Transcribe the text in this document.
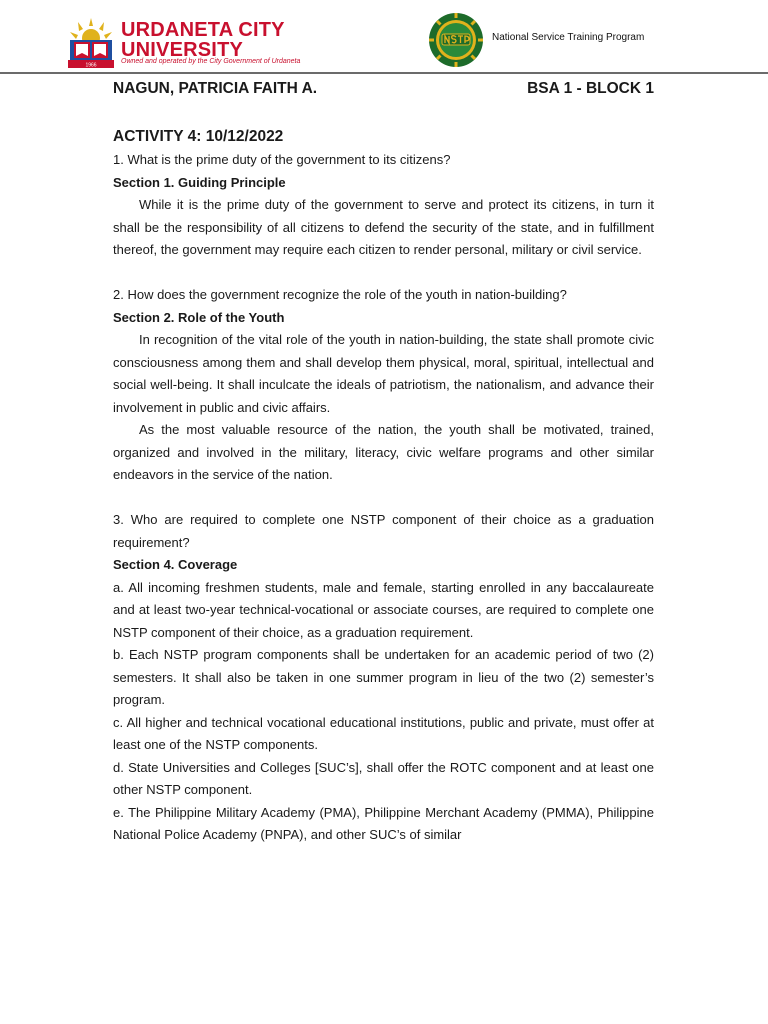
1966
URDANETA CITY
UNIVERSITY
Owned and operated by the City Government of Urdaneta
National Service Training Program
NAGUN, PATRICIA FAITH A.	BSA 1 - BLOCK 1
ACTIVITY 4: 10/12/2022

1. What is the prime duty of the government to its citizens?

Section 1. Guiding Principle

While it is the prime duty of the government to serve and protect its citizens, in turn it shall be the responsibility of all citizens to defend the security of the state, and in fulfillment thereof, the government may require each citizen to render personal, military or civil service.

2. How does the government recognize the role of the youth in nation-building?

Section 2. Role of the Youth

In recognition of the vital role of the youth in nation-building, the state shall promote civic consciousness among them and shall develop them physical, moral, spiritual, intellectual and social well-being. It shall inculcate the ideals of patriotism, the nationalism, and advance their involvement in public and civic affairs.

As the most valuable resource of the nation, the youth shall be motivated, trained, organized and involved in the military, literacy, civic welfare programs and other similar endeavors in the service of the nation.

3. Who are required to complete one NSTP component of their choice as a graduation requirement?

Section 4. Coverage

a. All incoming freshmen students, male and female, starting enrolled in any baccalaureate and at least two-year technical-vocational or associate courses, are required to complete one NSTP component of their choice, as a graduation requirement.

b. Each NSTP program components shall be undertaken for an academic period of two (2) semesters. It shall also be taken in one summer program in lieu of the two (2) semester’s program.

c. All higher and technical vocational educational institutions, public and private, must offer at least one of the NSTP components.

d. State Universities and Colleges [SUC’s], shall offer the ROTC component and at least one other NSTP component.

e. The Philippine Military Academy (PMA), Philippine Merchant Academy (PMMA), Philippine National Police Academy (PNPA), and other SUC’s of similar
